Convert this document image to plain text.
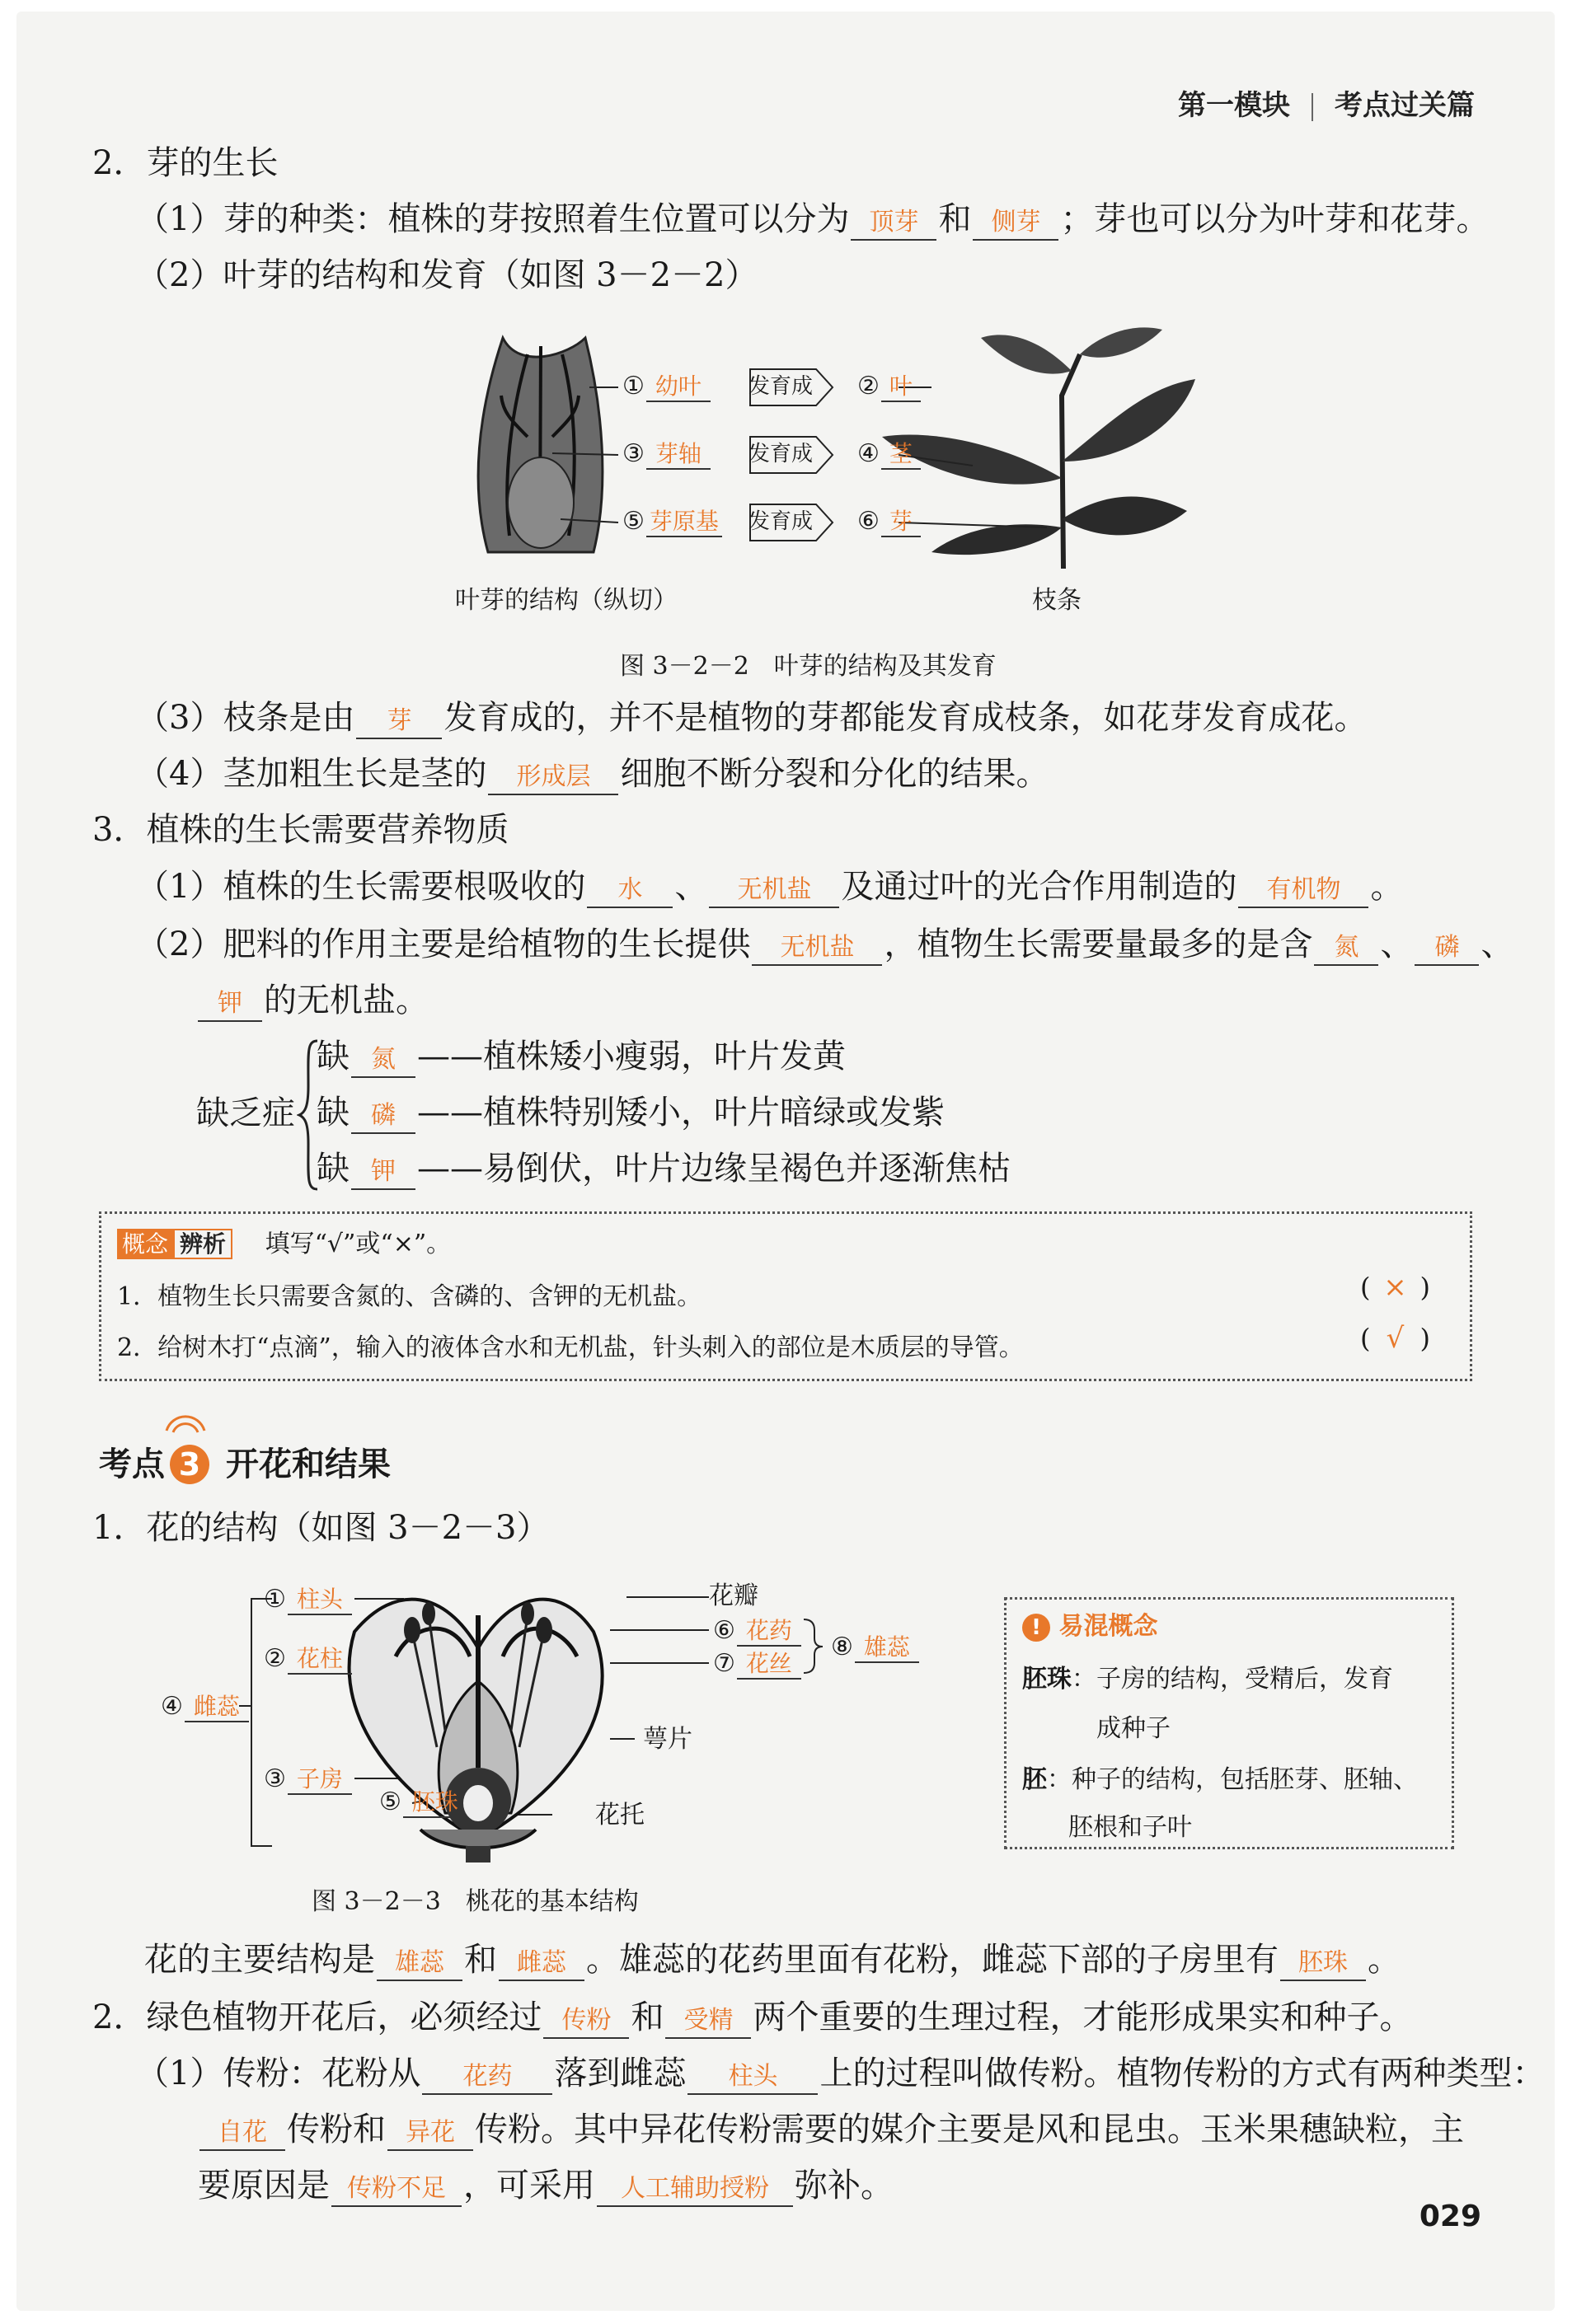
第一模块 考点过关篇
2．芽的生长
（1）芽的种类：植株的芽按照着生位置可以分为 顶芽 和 侧芽 ；芽也可以分为叶芽和花芽。
（2）叶芽的结构和发育（如图 3－2－2）
发育成
发育成
发育成
① 幼叶
③ 芽轴
⑤ 芽原基
② 叶
④ 茎
⑥ 芽
叶芽的结构（纵切）	枝条
图 3－2－2　叶芽的结构及其发育
（3）枝条是由 芽 发育成的，并不是植物的芽都能发育成枝条，如花芽发育成花。
（4）茎加粗生长是茎的 形成层 细胞不断分裂和分化的结果。
3．植株的生长需要营养物质
（1）植株的生长需要根吸收的 水 、 无机盐 及通过叶的光合作用制造的 有机物 。
（2）肥料的作用主要是给植物的生长提供 无机盐 ，植物生长需要量最多的是含 氮 、 磷 、
钾 的无机盐。
缺乏症
缺 氮 ——植株矮小瘦弱，叶片发黄
缺 磷 ——植株特别矮小，叶片暗绿或发紫
缺 钾 ——易倒伏，叶片边缘呈褐色并逐渐焦枯
概念 辨析 填写“√”或“×”。
1．植物生长只需要含氮的、含磷的、含钾的无机盐。	( × )
2．给树木打“点滴”，输入的液体含水和无机盐，针头刺入的部位是木质层的导管。	( √ )
考点 3 开花和结果
1．花的结构（如图 3－2－3）
① 柱头
② 花柱
③ 子房
④ 雌蕊
⑤ 胚珠
⑥ 花药
⑦ 花丝
⑧ 雄蕊
花瓣
萼片
花托
图 3－2－3　桃花的基本结构
! 易混概念
胚珠：子房的结构，受精后，发育
成种子
胚：种子的结构，包括胚芽、胚轴、
胚根和子叶
花的主要结构是 雄蕊 和 雌蕊 。雄蕊的花药里面有花粉，雌蕊下部的子房里有 胚珠 。
2．绿色植物开花后，必须经过 传粉 和 受精 两个重要的生理过程，才能形成果实和种子。
（1）传粉：花粉从 花药 落到雌蕊 柱头 上的过程叫做传粉。植物传粉的方式有两种类型：
自花 传粉和 异花 传粉。其中异花传粉需要的媒介主要是风和昆虫。玉米果穗缺粒，主
要原因是 传粉不足 ，可采用 人工辅助授粉 弥补。
029
